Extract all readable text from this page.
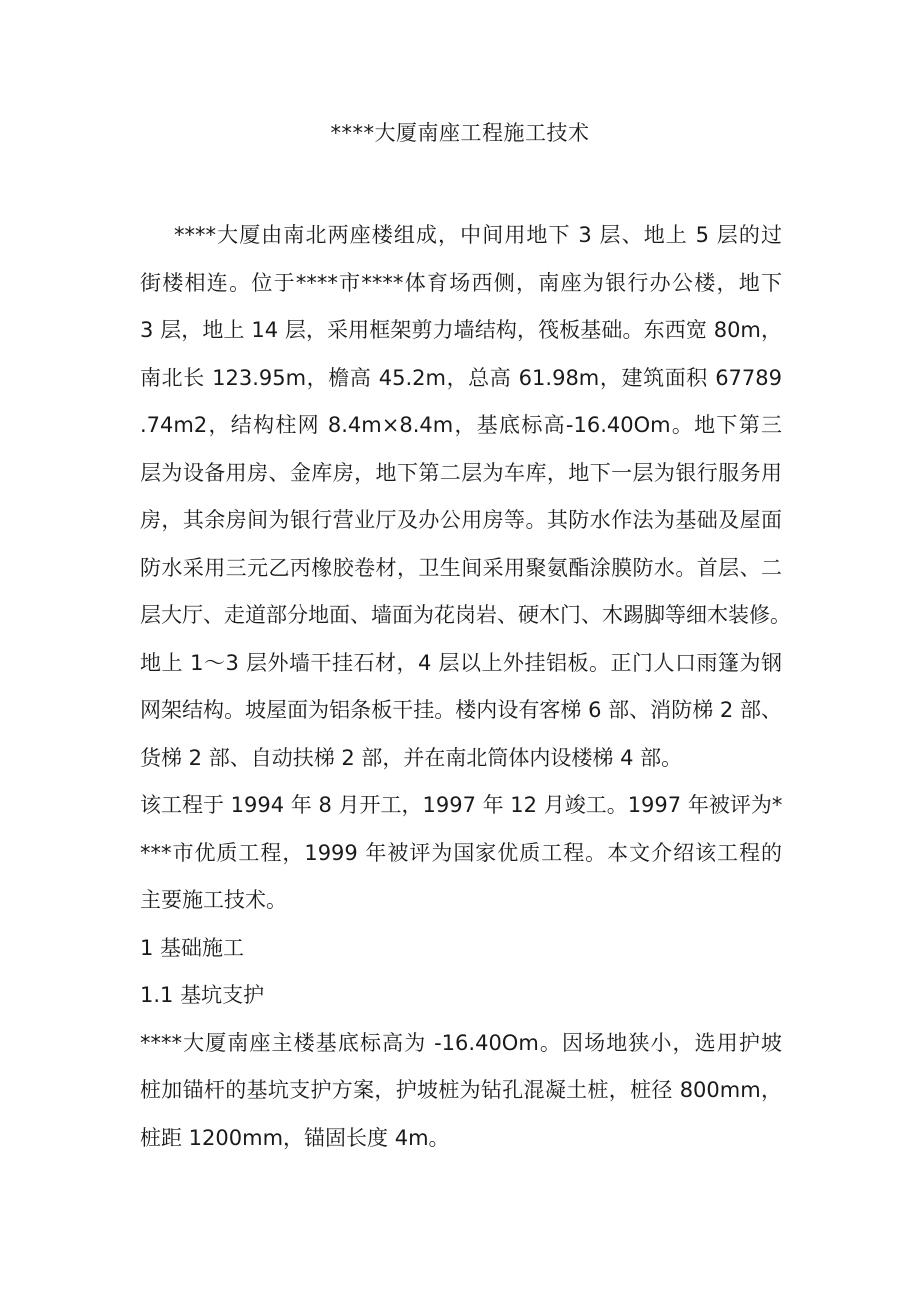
****大厦南座工程施工技术
****大厦由南北两座楼组成，中间用地下 3 层、地上 5 层的过
街楼相连。位于****市****体育场西侧，南座为银行办公楼，地下
3 层，地上 14 层，采用框架剪力墙结构，筏板基础。东西宽 80m，
南北长 123.95m，檐高 45.2m，总高 61.98m，建筑面积 67789
.74m2，结构柱网 8.4m×8.4m，基底标高-16.40Om。地下第三
层为设备用房、金库房，地下第二层为车库，地下一层为银行服务用
房，其余房间为银行营业厅及办公用房等。其防水作法为基础及屋面
防水采用三元乙丙橡胶卷材，卫生间采用聚氨酯涂膜防水。首层、二
层大厅、走道部分地面、墙面为花岗岩、硬木门、木踢脚等细木装修。
地上 1～3 层外墙干挂石材，4 层以上外挂铝板。正门人口雨篷为钢
网架结构。坡屋面为铝条板干挂。楼内设有客梯 6 部、消防梯 2 部、
货梯 2 部、自动扶梯 2 部，并在南北筒体内设楼梯 4 部。
该工程于 1994 年 8 月开工，1997 年 12 月竣工。1997 年被评为*
***市优质工程，1999 年被评为国家优质工程。本文介绍该工程的
主要施工技术。
1 基础施工
1.1 基坑支护
****大厦南座主楼基底标高为 -16.40Om。因场地狭小，选用护坡
桩加锚杆的基坑支护方案，护坡桩为钻孔混凝土桩，桩径 800mm，
桩距 1200mm，锚固长度 4m。
